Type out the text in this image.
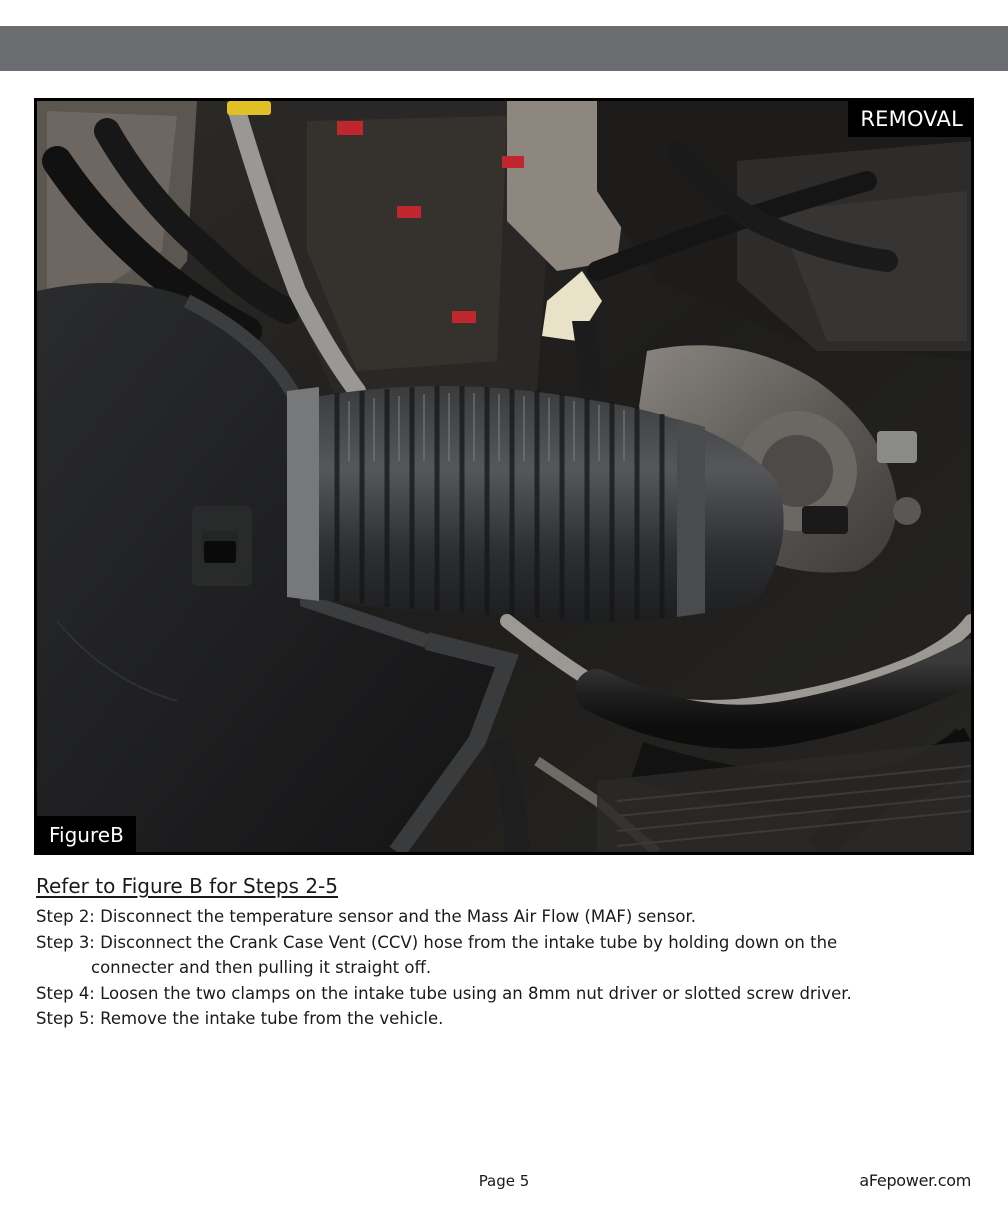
REMOVAL
FigureB

Refer to Figure B for Steps 2-5

Step 2: Disconnect the temperature sensor and the Mass Air Flow (MAF) sensor.

Step 3: Disconnect the Crank Case Vent (CCV) hose from the intake tube by holding down on the

connecter and then pulling it straight off.

Step 4: Loosen the two clamps on the intake tube using an 8mm nut driver or slotted screw driver.

Step 5: Remove the intake tube from the vehicle.

Page 5	aFepower.com
